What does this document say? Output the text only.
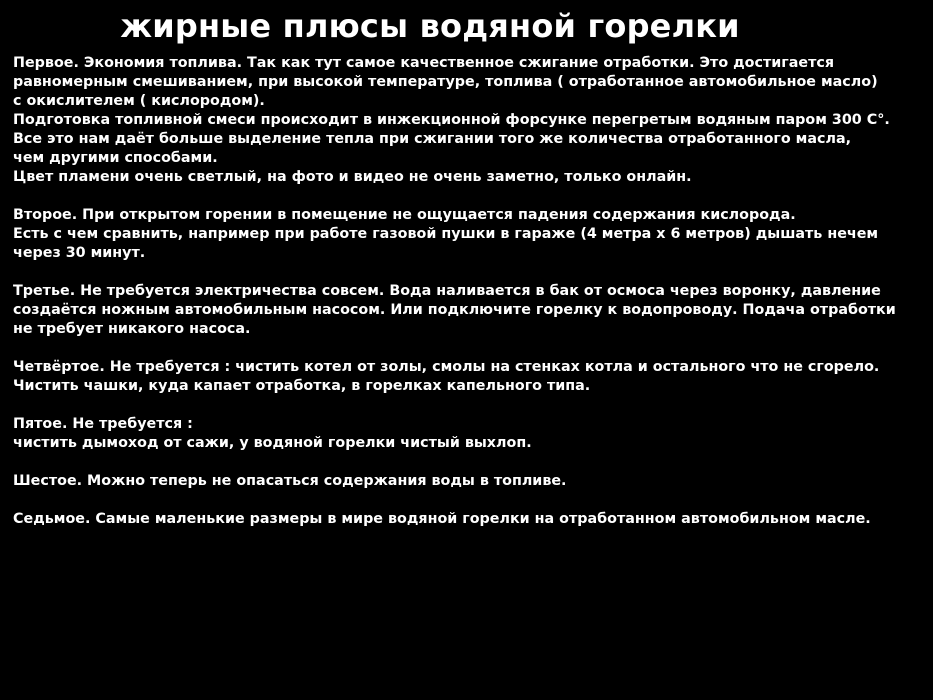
жирные плюсы водяной горелки
Первое. Экономия топлива. Так как тут самое качественное сжигание отработки. Это достигается
равномерным смешиванием, при высокой температуре, топлива ( отработанное автомобильное масло)
с окислителем ( кислородом).
Подготовка топливной смеси происходит в инжекционной форсунке перегретым водяным паром 300 С°.
Все это нам даёт больше выделение тепла при сжигании того же количества отработанного масла,
чем другими способами.
Цвет пламени очень светлый, на фото и видео не очень заметно, только онлайн.
Второе. При открытом горении в помещение не ощущается падения содержания кислорода.
Есть с чем сравнить, например при работе газовой пушки в гараже (4 метра х 6 метров) дышать нечем
через 30 минут.
Третье. Не требуется электричества совсем. Вода наливается в бак от осмоса через воронку, давление
создаётся ножным автомобильным насосом. Или подключите горелку к водопроводу. Подача отработки
не требует никакого насоса.
Четвёртое. Не требуется : чистить котел от золы, смолы на стенках котла и остального что не сгорело.
Чистить чашки, куда капает отработка, в горелках капельного типа.
Пятое. Не требуется :
чистить дымоход от сажи, у водяной горелки чистый выхлоп.
Шестое. Можно теперь не опасаться содержания воды в топливе.
Седьмое. Самые маленькие размеры в мире водяной горелки на отработанном автомобильном масле.
